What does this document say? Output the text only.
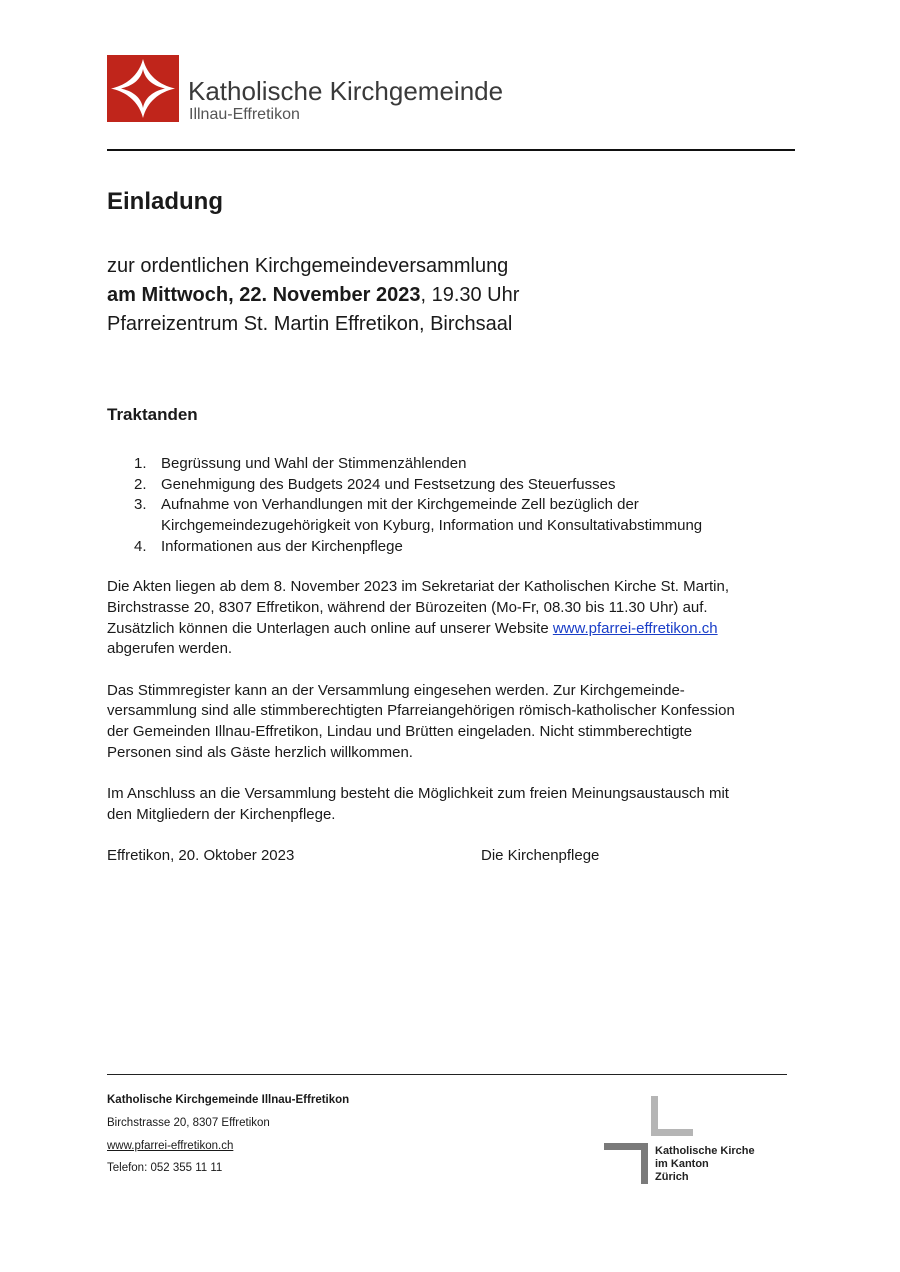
Katholische Kirchgemeinde
Illnau-Effretikon
Einladung
zur ordentlichen Kirchgemeindeversammlung
am Mittwoch, 22. November 2023, 19.30 Uhr
Pfarreizentrum St. Martin Effretikon, Birchsaal
Traktanden
1. Begrüssung und Wahl der Stimmenzählenden
2. Genehmigung des Budgets 2024 und Festsetzung des Steuerfusses
3. Aufnahme von Verhandlungen mit der Kirchgemeinde Zell bezüglich der
Kirchgemeindezugehörigkeit von Kyburg, Information und Konsultativabstimmung
4. Informationen aus der Kirchenpflege
Die Akten liegen ab dem 8. November 2023 im Sekretariat der Katholischen Kirche St. Martin,
Birchstrasse 20, 8307 Effretikon, während der Bürozeiten (Mo-Fr, 08.30 bis 11.30 Uhr) auf.
Zusätzlich können die Unterlagen auch online auf unserer Website www.pfarrei-effretikon.ch
abgerufen werden.
Das Stimmregister kann an der Versammlung eingesehen werden. Zur Kirchgemeinde-
versammlung sind alle stimmberechtigten Pfarreiangehörigen römisch-katholischer Konfession
der Gemeinden Illnau-Effretikon, Lindau und Brütten eingeladen. Nicht stimmberechtigte
Personen sind als Gäste herzlich willkommen.
Im Anschluss an die Versammlung besteht die Möglichkeit zum freien Meinungsaustausch mit
den Mitgliedern der Kirchenpflege.
Effretikon, 20. Oktober 2023	Die Kirchenpflege
Katholische Kirchgemeinde Illnau-Effretikon
Birchstrasse 20, 8307 Effretikon
www.pfarrei-effretikon.ch
Telefon: 052 355 11 11
Katholische Kirche
im Kanton
Zürich
